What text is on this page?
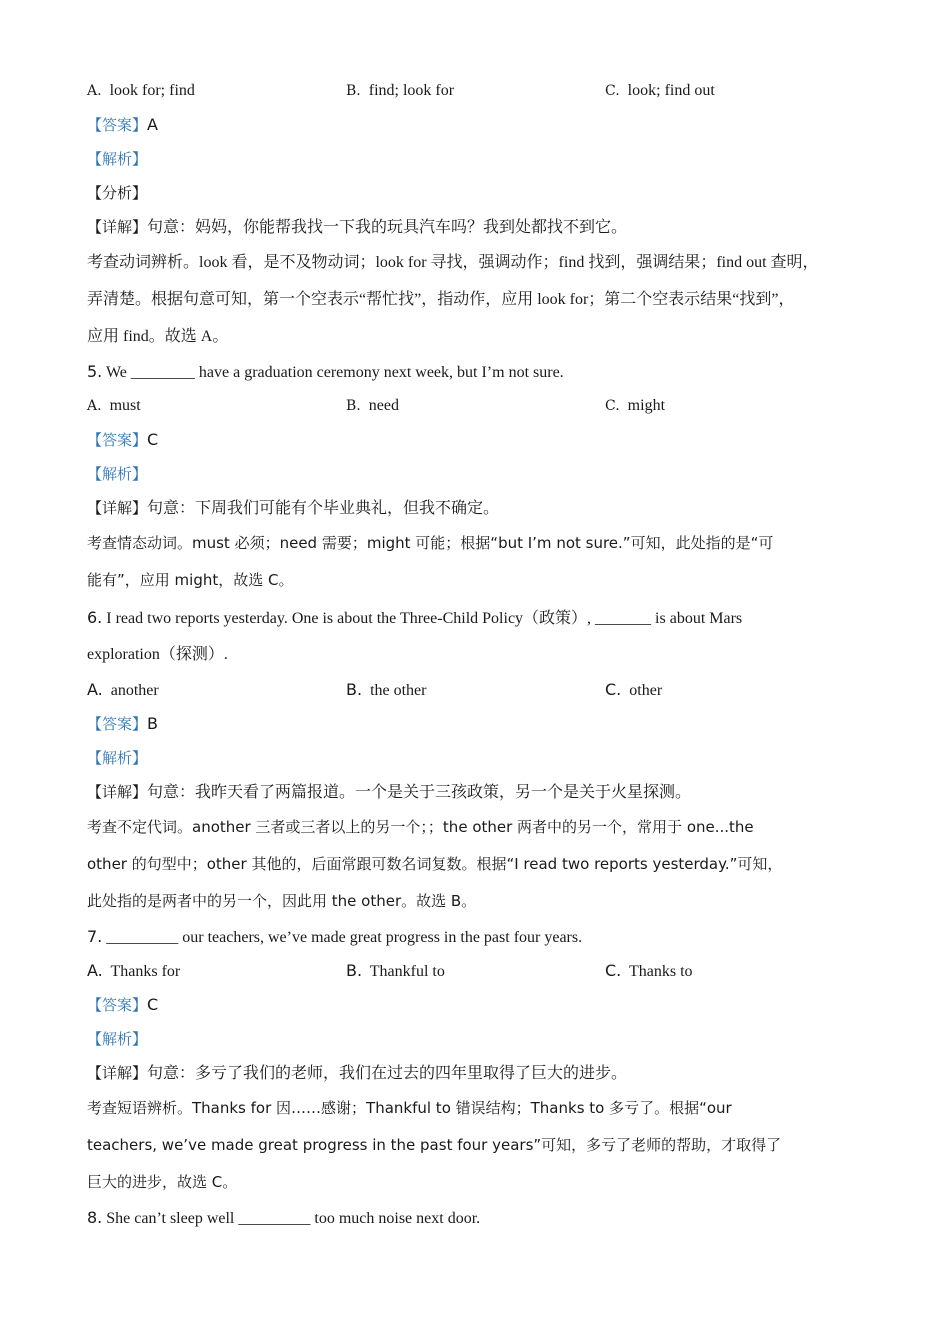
A. look for; find	B. find; look for	C. look; find out
【答案】A
【解析】
【分析】
【详解】句意：妈妈，你能帮我找一下我的玩具汽车吗？我到处都找不到它。
考查动词辨析。look 看，是不及物动词；look for 寻找，强调动作；find 找到，强调结果；find out 查明，
弄清楚。根据句意可知，第一个空表示“帮忙找”，指动作，应用 look for；第二个空表示结果“找到”，
应用 find。故选 A。
5. We ________ have a graduation ceremony next week, but I’m not sure.
A. must	B. need	C. might
【答案】C
【解析】
【详解】句意：下周我们可能有个毕业典礼，但我不确定。
考查情态动词。must 必须；need 需要；might 可能；根据“but I’m not sure.”可知，此处指的是“可
能有”，应用 might，故选 C。
6. I read two reports yesterday. One is about the Three-Child Policy（政策）, _______ is about Mars
exploration（探测）.
A. another	B. the other	C. other
【答案】B
【解析】
【详解】句意：我昨天看了两篇报道。一个是关于三孩政策，另一个是关于火星探测。
考查不定代词。another 三者或三者以上的另一个；；the other 两者中的另一个，常用于 one...the
other 的句型中；other 其他的，后面常跟可数名词复数。根据“I read two reports yesterday.”可知，
此处指的是两者中的另一个，因此用 the other。故选 B。
7. _________ our teachers, we’ve made great progress in the past four years.
A. Thanks for	B. Thankful to	C. Thanks to
【答案】C
【解析】
【详解】句意：多亏了我们的老师，我们在过去的四年里取得了巨大的进步。
考查短语辨析。Thanks for 因……感谢；Thankful to 错误结构；Thanks to 多亏了。根据“our
teachers, we’ve made great progress in the past four years”可知，多亏了老师的帮助，才取得了
巨大的进步，故选 C。
8. She can’t sleep well _________ too much noise next door.
